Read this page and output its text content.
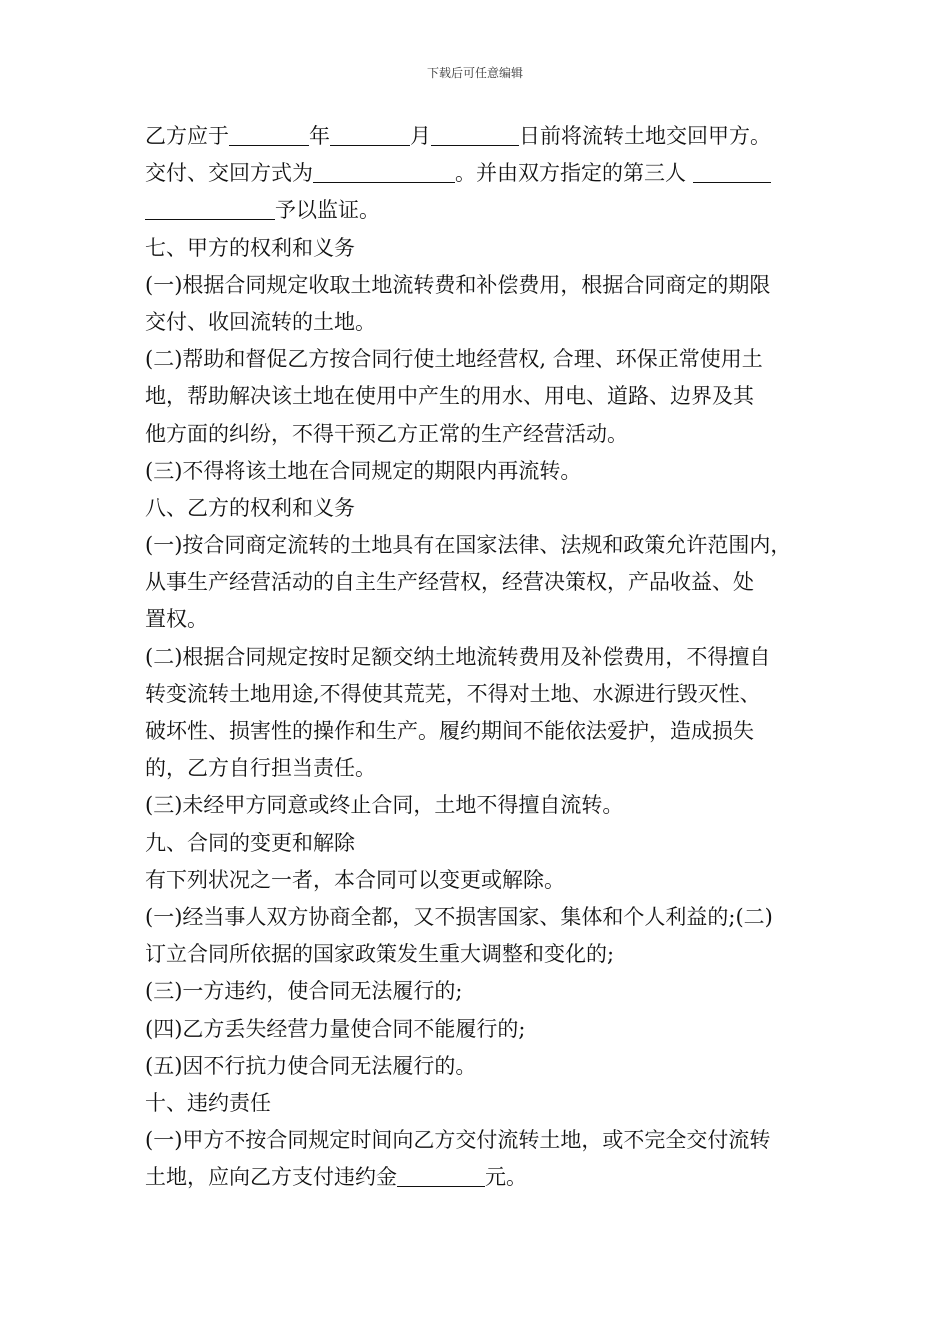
下载后可任意编辑
乙方应于	年	月	日前将流转土地交回甲方。
交付、交回方式为	。并由双方指定的第三人
予以监证。
七、甲方的权利和义务
(一)根据合同规定收取土地流转费和补偿费用，根据合同商定的期限
交付、收回流转的土地。
(二)帮助和督促乙方按合同行使土地经营权, 合理、环保正常使用土
地，帮助解决该土地在使用中产生的用水、用电、道路、边界及其
他方面的纠纷，不得干预乙方正常的生产经营活动。
(三)不得将该土地在合同规定的期限内再流转。
八、乙方的权利和义务
(一)按合同商定流转的土地具有在国家法律、法规和政策允许范围内，
从事生产经营活动的自主生产经营权，经营决策权，产品收益、处
置权。
(二)根据合同规定按时足额交纳土地流转费用及补偿费用，不得擅自
转变流转土地用途,不得使其荒芜，不得对土地、水源进行毁灭性、
破坏性、损害性的操作和生产。履约期间不能依法爱护，造成损失
的，乙方自行担当责任。
(三)未经甲方同意或终止合同，土地不得擅自流转。
九、合同的变更和解除
有下列状况之一者，本合同可以变更或解除。
(一)经当事人双方协商全都，又不损害国家、集体和个人利益的;(二)
订立合同所依据的国家政策发生重大调整和变化的;
(三)一方违约，使合同无法履行的;
(四)乙方丢失经营力量使合同不能履行的;
(五)因不行抗力使合同无法履行的。
十、违约责任
(一)甲方不按合同规定时间向乙方交付流转土地，或不完全交付流转
土地，应向乙方支付违约金	元。
